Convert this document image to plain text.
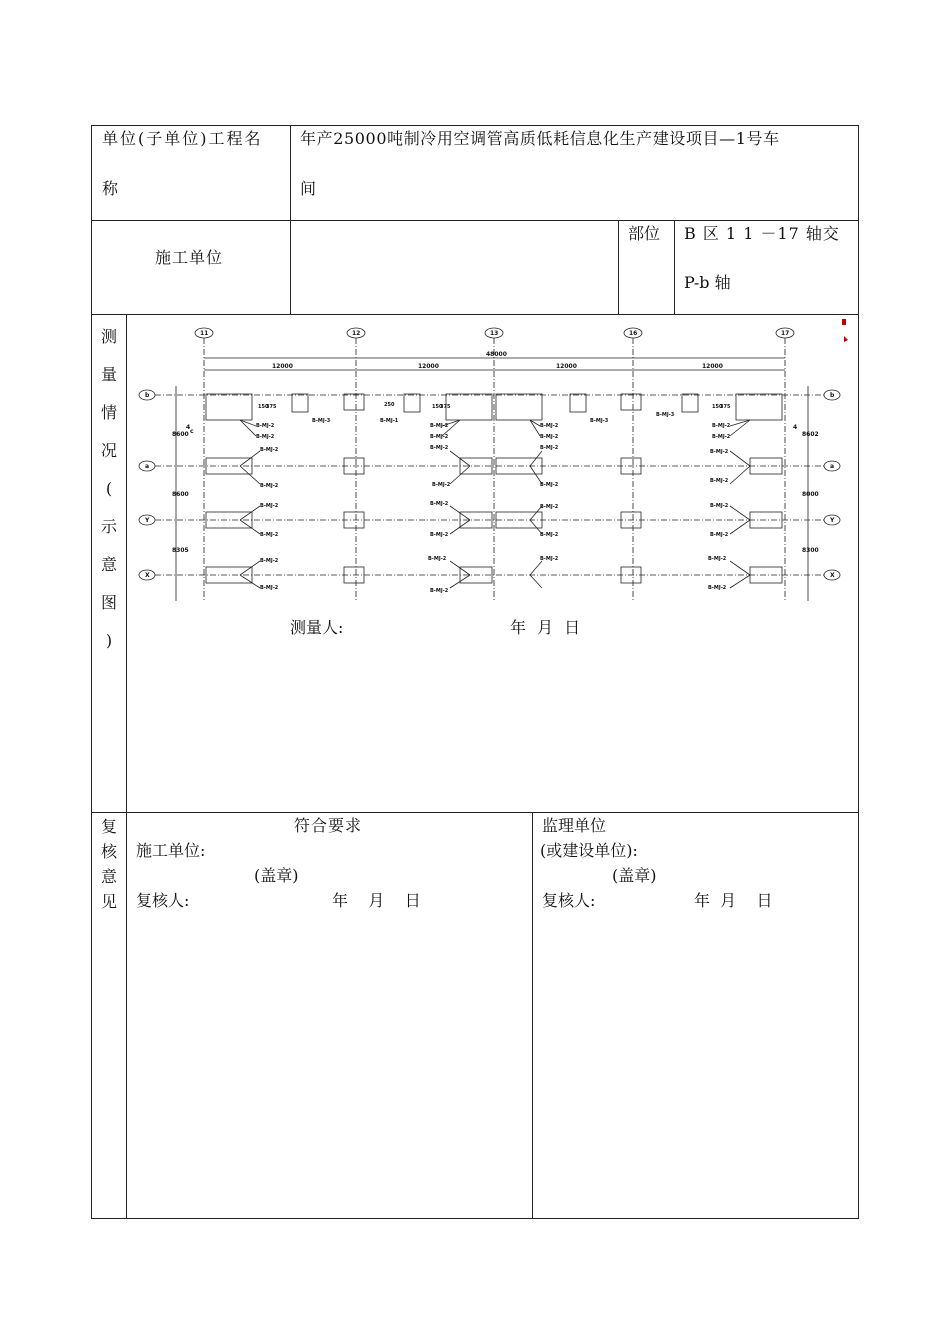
单位(子单位)工程名
称
年产25000吨制冷用空调管高质低耗信息化生产建设项目—1号车
间
施工单位
部位 B 区 1 1 －17 轴交
P-b 轴
测
量
情
况
(
示
意
图
)
测量人:	年 月 日
复
核
意
见
符合要求
施工单位:
(盖章)
复核人:	年    月    日
监理单位
(或建设单位):
(盖章)
复核人:	年  月    日
11	12	13	16	17
48000
12000	12000	12000	12000
b
a
Y
X
b
a
Y
X
8600
8600
8305
8602
8000
8300
4
c
4
150
375	250	150
375	150
375
B-MJ-2
B-MJ-2
B-MJ-3	B-MJ-1
B-MJ-2
B-MJ-2
B-MJ-2
B-MJ-2
B-MJ-3
B-MJ-3
B-MJ-2
B-MJ-2
B-MJ-2
B-MJ-2
B-MJ-2
B-MJ-2
B-MJ-2
B-MJ-2
B-MJ-2
B-MJ-2
B-MJ-2
B-MJ-2
B-MJ-2
B-MJ-2
B-MJ-2
B-MJ-2
B-MJ-2
B-MJ-2
B-MJ-2
B-MJ-2
B-MJ-2
B-MJ-2
B-MJ-2	B-MJ-2
B-MJ-2
